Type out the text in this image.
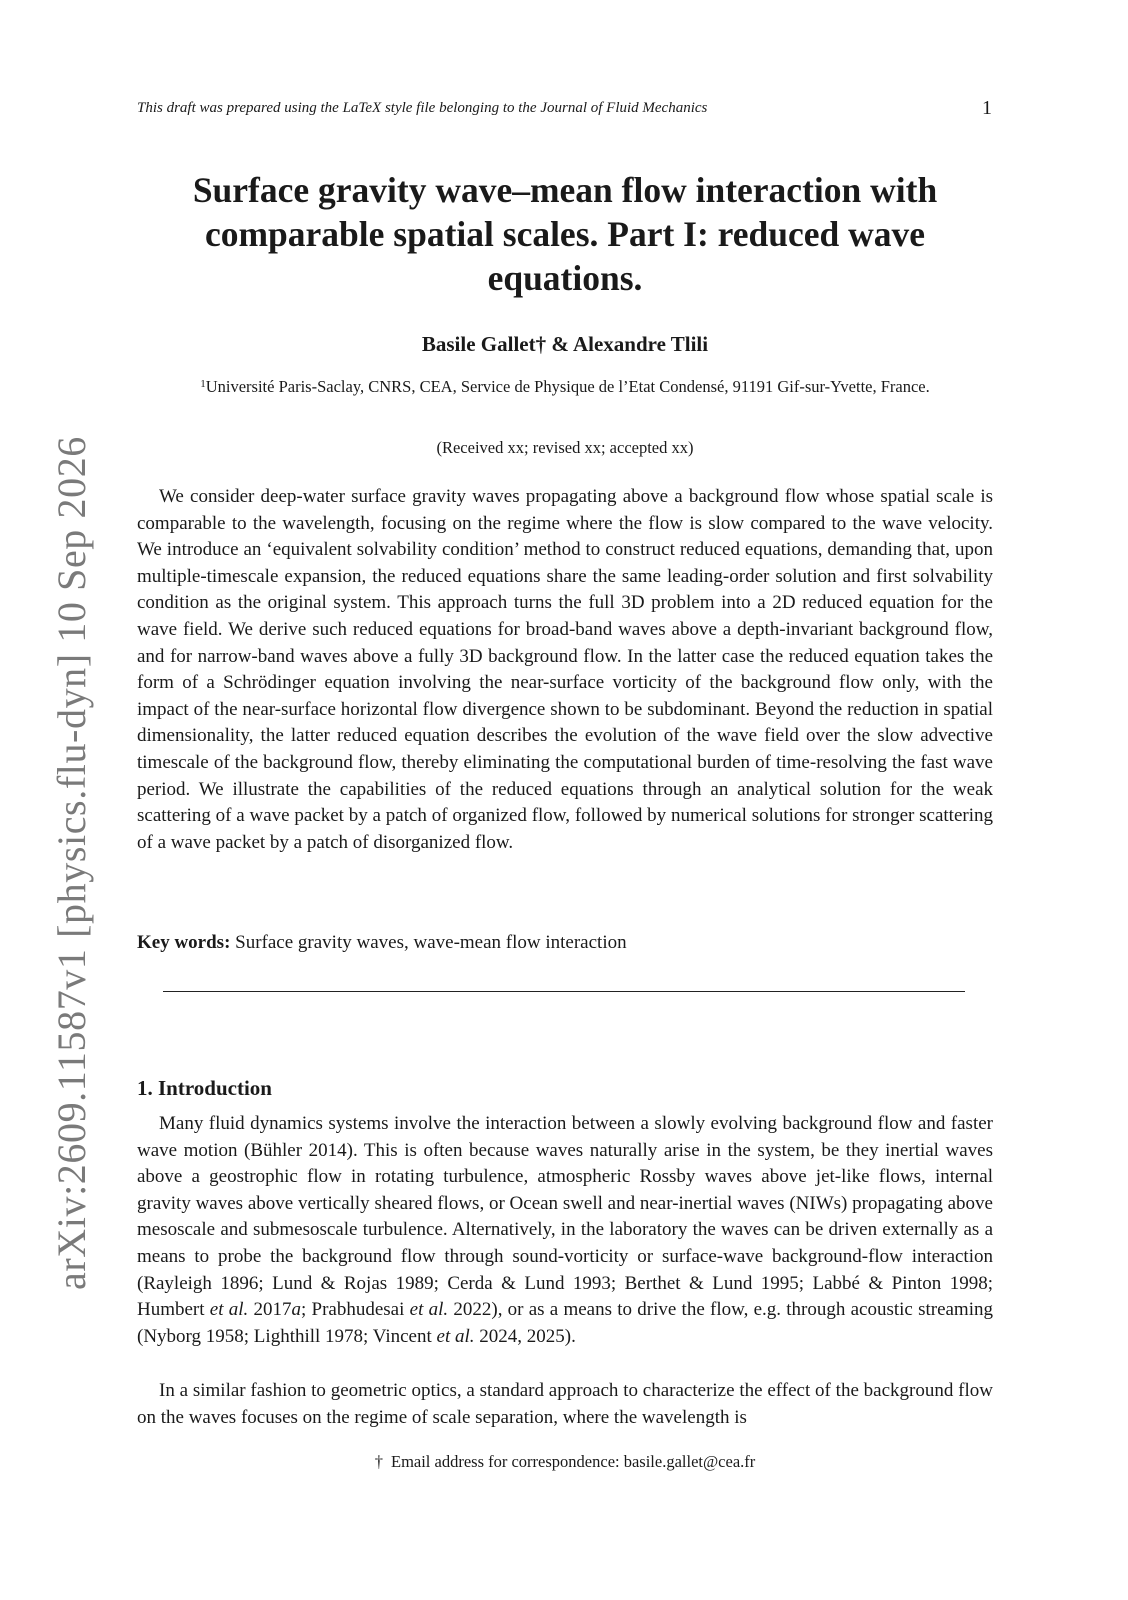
This draft was prepared using the LaTeX style file belonging to the Journal of Fluid Mechanics	1
arXiv:2609.11587v1 [physics.flu-dyn] 10 Sep 2026
Surface gravity wave–mean flow interaction with comparable spatial scales. Part I: reduced wave equations.
Basile Gallet† & Alexandre Tlili
$^1$Université Paris-Saclay, CNRS, CEA, Service de Physique de l’Etat Condensé, 91191 Gif-sur-Yvette, France.
(Received xx; revised xx; accepted xx)

We consider deep-water surface gravity waves propagating above a background flow whose spatial scale is comparable to the wavelength, focusing on the regime where the flow is slow compared to the wave velocity. We introduce an ‘equivalent solvability condition’ method to construct reduced equations, demanding that, upon multiple-timescale expansion, the reduced equations share the same leading-order solution and first solvability condition as the original system. This approach turns the full 3D problem into a 2D reduced equation for the wave field. We derive such reduced equations for broad-band waves above a depth-invariant background flow, and for narrow-band waves above a fully 3D background flow. In the latter case the reduced equation takes the form of a Schrödinger equation involving the near-surface vorticity of the background flow only, with the impact of the near-surface horizontal flow divergence shown to be subdominant. Beyond the reduction in spatial dimensionality, the latter reduced equation describes the evolution of the wave field over the slow advective timescale of the background flow, thereby eliminating the computational burden of time-resolving the fast wave period. We illustrate the capabilities of the reduced equations through an analytical solution for the weak scattering of a wave packet by a patch of organized flow, followed by numerical solutions for stronger scattering of a wave packet by a patch of disorganized flow.

Key words: Surface gravity waves, wave-mean flow interaction
1. Introduction

Many fluid dynamics systems involve the interaction between a slowly evolving background flow and faster wave motion (Bühler 2014). This is often because waves naturally arise in the system, be they inertial waves above a geostrophic flow in rotating turbulence, atmospheric Rossby waves above jet-like flows, internal gravity waves above vertically sheared flows, or Ocean swell and near-inertial waves (NIWs) propagating above mesoscale and submesoscale turbulence. Alternatively, in the laboratory the waves can be driven externally as a means to probe the background flow through sound-vorticity or surface-wave background-flow interaction (Rayleigh 1896; Lund & Rojas 1989; Cerda & Lund 1993; Berthet & Lund 1995; Labbé & Pinton 1998; Humbert et al. 2017a; Prabhudesai et al. 2022), or as a means to drive the flow, e.g. through acoustic streaming (Nyborg 1958; Lighthill 1978; Vincent et al. 2024, 2025).

In a similar fashion to geometric optics, a standard approach to characterize the effect of the background flow on the waves focuses on the regime of scale separation, where the wavelength is

† Email address for correspondence: basile.gallet@cea.fr
